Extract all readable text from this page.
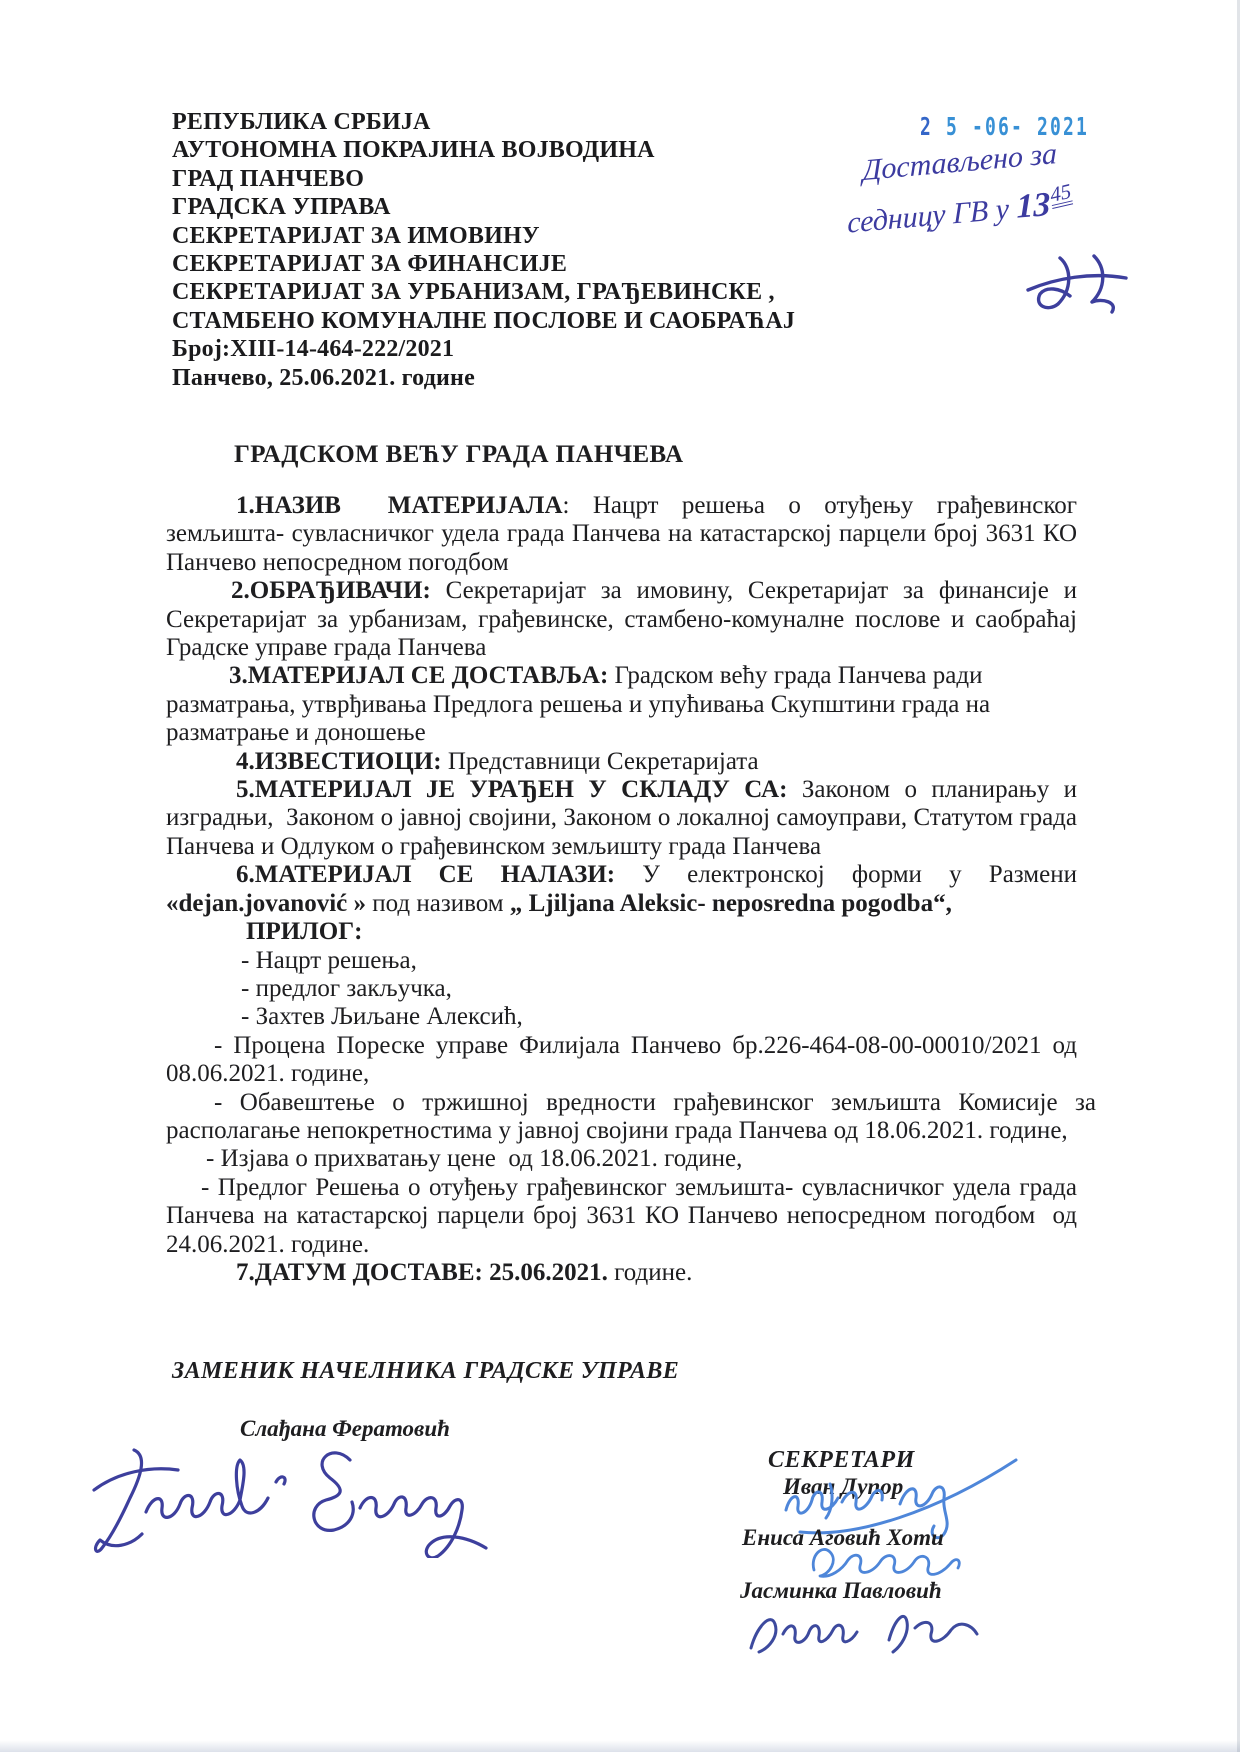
РЕПУБЛИКА СРБИЈА
АУТОНОМНА ПОКРАЈИНА ВОЈВОДИНА
ГРАД ПАНЧЕВО
ГРАДСКА УПРАВА
СЕКРЕТАРИЈАТ ЗА ИМОВИНУ
СЕКРЕТАРИЈАТ ЗА ФИНАНСИЈЕ
СЕКРЕТАРИЈАТ ЗА УРБАНИЗАМ, ГРАЂЕВИНСКЕ ,
СТАМБЕНО КОМУНАЛНЕ ПОСЛОВЕ И САОБРАЋАЈ
Број:XIII-14-464-222/2021
Панчево, 25.06.2021. године
2 5 -06- 2021
Достављено за
седницу ГВ у 1345
ГРАДСКОМ ВЕЋУ ГРАДА ПАНЧЕВА

1.НАЗИВ  МАТЕРИЈАЛА: Нацрт решења о отуђењу грађевинског земљишта- сувласничког удела града Панчева на катастарској парцели број 3631 КО Панчево непосредном погодбом

2.ОБРАЂИВАЧИ: Секретаријат за имовину, Секретаријат за финансије и Секретаријат за урбанизам, грађевинске, стамбено-комуналне послове и саобраћај Градске управе града Панчева

3.МАТЕРИЈАЛ СЕ ДОСТАВЉА: Градском већу града Панчева ради разматрања, утврђивања Предлога решења и упућивања Скупштини града на разматрање и доношење

4.ИЗВЕСТИОЦИ: Представници Секретаријата

5.МАТЕРИЈАЛ ЈЕ УРАЂЕН У СКЛАДУ СА: Законом о планирању и изградњи,  Законом о јавној својини, Законом о локалној самоуправи, Статутом града Панчева и Одлуком о грађевинском земљишту града Панчева

6.МАТЕРИЈАЛ СЕ НАЛАЗИ: У електронској форми у Размени «dejan.jovanović » под називом „ Ljiljana Aleksic- neposredna pogodba“,

ПРИЛОГ:

- Нацрт решења,

- предлог закључка,

- Захтев Љиљане Алексић,

- Процена Пореске управе Филијала Панчево бр.226-464-08-00-00010/2021 од 08.06.2021. године,

- Обавештење о тржишној вредности грађевинског земљишта Комисије за располагање непокретностима у јавној својини града Панчева од 18.06.2021. године,

- Изјава о прихватању цене  од 18.06.2021. године,

- Предлог Решења о отуђењу грађевинског земљишта- сувласничког удела града Панчева на катастарској парцели број 3631 КО Панчево непосредном погодбом  од 24.06.2021. године.

7.ДАТУМ ДОСТАВЕ: 25.06.2021. године.

ЗАМЕНИК НАЧЕЛНИКА ГРАДСКЕ УПРАВЕ
Слађана Фератовић
СЕКРЕТАРИ
Иван Дупор
Ениса Аговић Хоти
Јасминка Павловић
